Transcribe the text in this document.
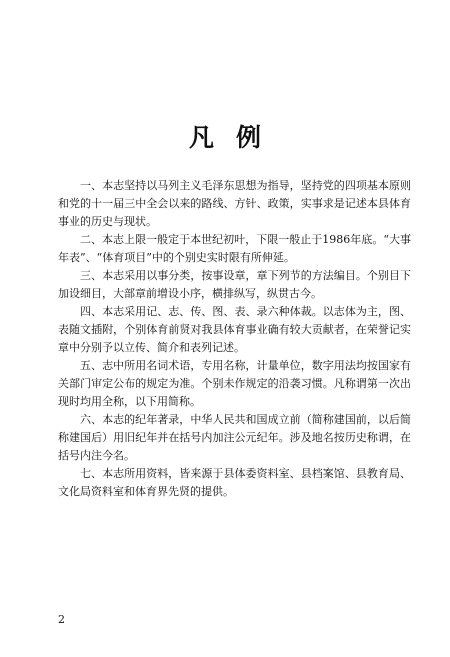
凡例

一、本志坚持以马列主义毛泽东思想为指导，坚持党的四项基本原则和党的十一届三中全会以来的路线、方针、政策，实事求是记述本县体育事业的历史与现状。

二、本志上限一般定于本世纪初叶，下限一般止于1986年底。“大事年表”、“体育项目”中的个别史实时限有所伸延。

三、本志采用以事分类，按事设章，章下列节的方法编目。个别目下加设细目，大部章前增设小序，横排纵写，纵贯古今。

四、本志采用记、志、传、图、表、录六种体裁。以志体为主，图、表随文插附，个别体育前贤对我县体育事业确有较大贡献者，在荣誉记实章中分别予以立传、简介和表列记述。

五、志中所用名词术语，专用名称，计量单位，数字用法均按国家有关部门审定公布的规定为准。个别未作规定的沿袭习惯。凡称谓第一次出现时均用全称，以下用简称。

六、本志的纪年著录，中华人民共和国成立前（简称建国前，以后简称建国后）用旧纪年并在括号内加注公元纪年。涉及地名按历史称谓，在括号内注今名。

七、本志所用资料，皆来源于县体委资料室、县档案馆、县教育局、文化局资料室和体育界先贤的提供。

2
